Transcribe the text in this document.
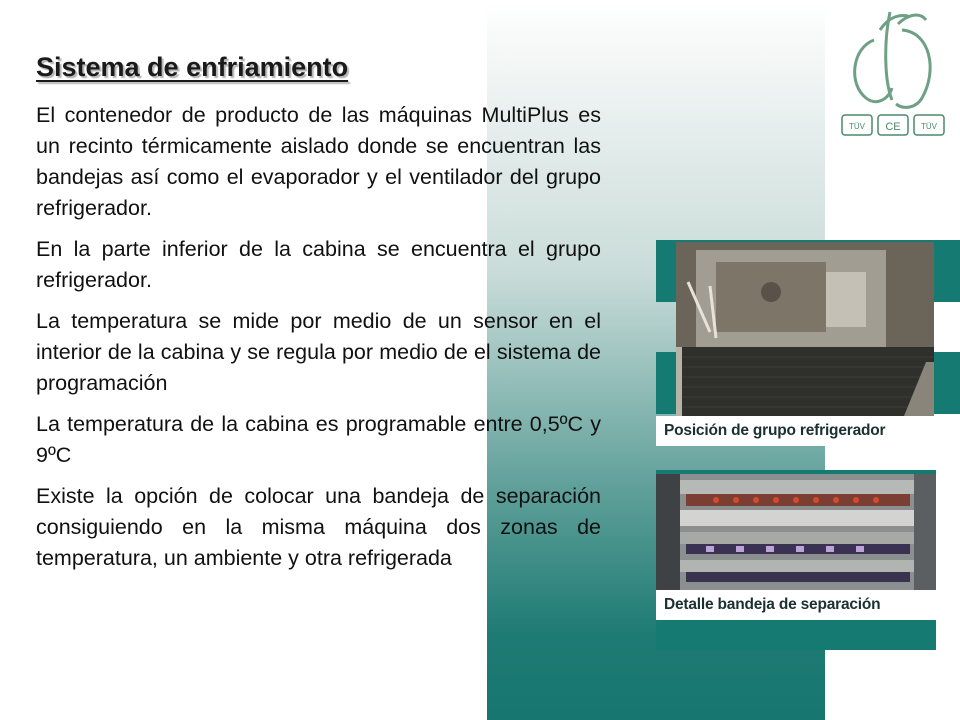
TÜV CE	TÜV
Sistema de enfriamiento

El contenedor de producto de las máquinas MultiPlus es un recinto térmicamente aislado donde se encuentran las bandejas así como el evaporador y el ventilador del grupo refrigerador.

En la parte inferior de la cabina se encuentra el grupo refrigerador.

La temperatura se mide por medio de un sensor en el interior de la cabina y se regula por medio de el sistema de programación

La temperatura de la cabina es programable entre 0,5ºC y 9ºC

Existe la opción de colocar una bandeja de separación consiguiendo en la misma máquina dos zonas de temperatura, un ambiente y otra refrigerada

Posición de grupo refrigerador
Detalle bandeja de separación
